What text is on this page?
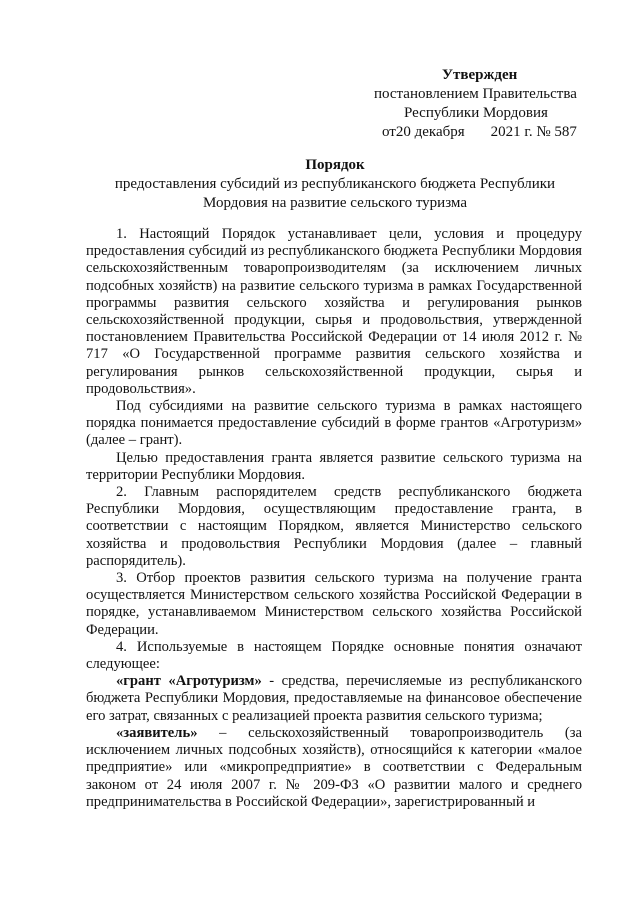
Утвержден
постановлением Правительства
Республики Мордовия
от20 декабря 2021 г. № 587
Порядок
предоставления субсидий из республиканского бюджета Республики
Мордовия на развитие сельского туризма

1. Настоящий Порядок устанавливает цели, условия и процедуру предоставления субсидий из республиканского бюджета Республики Мордовия сельскохозяйственным товаропроизводителям (за исключением личных подсобных хозяйств) на развитие сельского туризма в рамках Государственной программы развития сельского хозяйства и регулирования рынков сельскохозяйственной продукции, сырья и продовольствия, утвержденной постановлением Правительства Российской Федерации от 14 июля 2012 г. № 717 «О Государственной программе развития сельского хозяйства и регулирования рынков сельскохозяйственной продукции, сырья и продовольствия».

Под субсидиями на развитие сельского туризма в рамках настоящего порядка понимается предоставление субсидий в форме грантов «Агротуризм» (далее – грант).

Целью предоставления гранта является развитие сельского туризма на территории Республики Мордовия.

2. Главным распорядителем средств республиканского бюджета Республики Мордовия, осуществляющим предоставление гранта, в соответствии с настоящим Порядком, является Министерство сельского хозяйства и продовольствия Республики Мордовия (далее – главный распорядитель).

3. Отбор проектов развития сельского туризма на получение гранта осуществляется Министерством сельского хозяйства Российской Федерации в порядке, устанавливаемом Министерством сельского хозяйства Российской Федерации.

4. Используемые в настоящем Порядке основные понятия означают следующее:

«грант «Агротуризм» - средства, перечисляемые из республиканского бюджета Республики Мордовия, предоставляемые на финансовое обеспечение его затрат, связанных с реализацией проекта развития сельского туризма;

«заявитель» – сельскохозяйственный товаропроизводитель (за исключением личных подсобных хозяйств), относящийся к категории «малое предприятие» или «микропредприятие» в соответствии с Федеральным законом от 24 июля 2007 г. № 209-ФЗ «О развитии малого и среднего предпринимательства в Российской Федерации», зарегистрированный и
